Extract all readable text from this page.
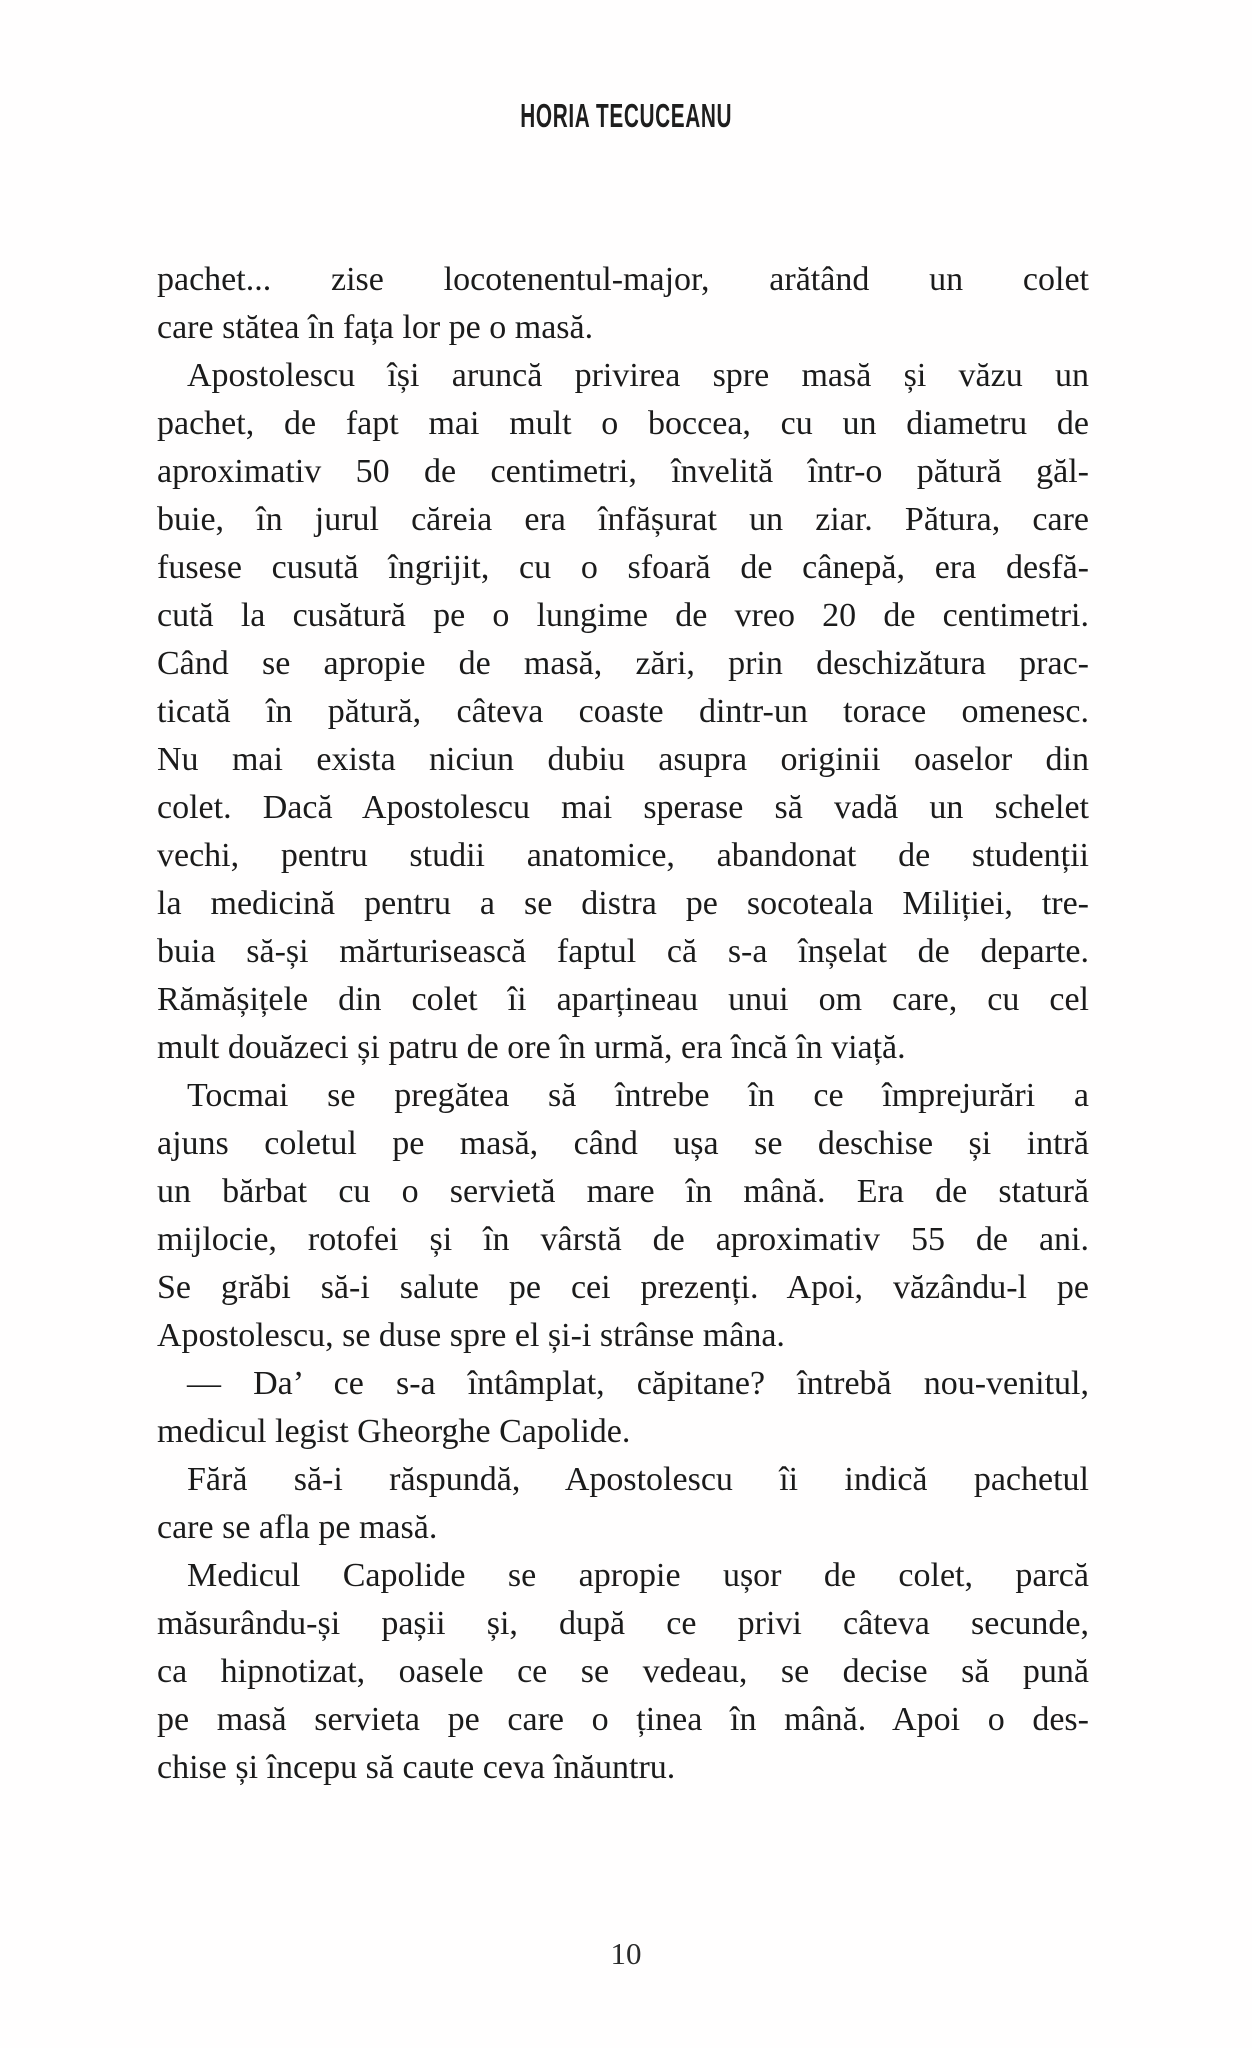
HORIA TECUCEANU
pachet... zise locotenentul-major, arătând un colet
care stătea în fața lor pe o masă.
Apostolescu își aruncă privirea spre masă și văzu un
pachet, de fapt mai mult o boccea, cu un diametru de
aproximativ 50 de centimetri, învelită într-o pătură găl-
buie, în jurul căreia era înfășurat un ziar. Pătura, care
fusese cusută îngrijit, cu o sfoară de cânepă, era desfă-
cută la cusătură pe o lungime de vreo 20 de centimetri.
Când se apropie de masă, zări, prin deschizătura prac-
ticată în pătură, câteva coaste dintr-un torace omenesc.
Nu mai exista niciun dubiu asupra originii oaselor din
colet. Dacă Apostolescu mai sperase să vadă un schelet
vechi, pentru studii anatomice, abandonat de studenții
la medicină pentru a se distra pe socoteala Miliției, tre-
buia să-și mărturisească faptul că s-a înșelat de departe.
Rămășițele din colet îi aparțineau unui om care, cu cel
mult douăzeci și patru de ore în urmă, era încă în viață.
Tocmai se pregătea să întrebe în ce împrejurări a
ajuns coletul pe masă, când ușa se deschise și intră
un bărbat cu o servietă mare în mână. Era de statură
mijlocie, rotofei și în vârstă de aproximativ 55 de ani.
Se grăbi să-i salute pe cei prezenți. Apoi, văzându-l pe
Apostolescu, se duse spre el și-i strânse mâna.
— Da’ ce s-a întâmplat, căpitane? întrebă nou-venitul,
medicul legist Gheorghe Capolide.
Fără să-i răspundă, Apostolescu îi indică pachetul
care se afla pe masă.
Medicul Capolide se apropie ușor de colet, parcă
măsurându-și pașii și, după ce privi câteva secunde,
ca hipnotizat, oasele ce se vedeau, se decise să pună
pe masă servieta pe care o ținea în mână. Apoi o des-
chise și începu să caute ceva înăuntru.
10
